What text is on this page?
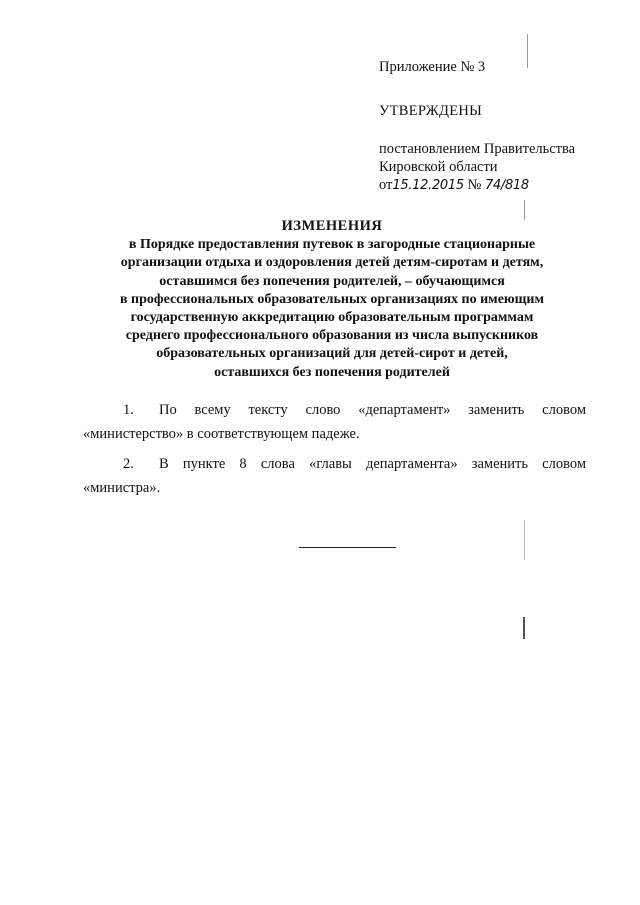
Приложение № 3

УТВЕРЖДЕНЫ

постановлением Правительства

Кировской области

от15.12.2015 № 74/818

ИЗМЕНЕНИЯ
в Порядке предоставления путевок в загородные стационарные
организации отдыха и оздоровления детей детям-сиротам и детям,
оставшимся без попечения родителей, – обучающимся
в профессиональных образовательных организациях по имеющим
государственную аккредитацию образовательным программам
среднего профессионального образования из числа выпускников
образовательных организаций для детей-сирот и детей,
оставшихся без попечения родителей

1. По всему тексту слово «департамент» заменить словом

«министерство» в соответствующем падеже.

2. В пункте 8 слова «главы департамента» заменить словом

«министра».
